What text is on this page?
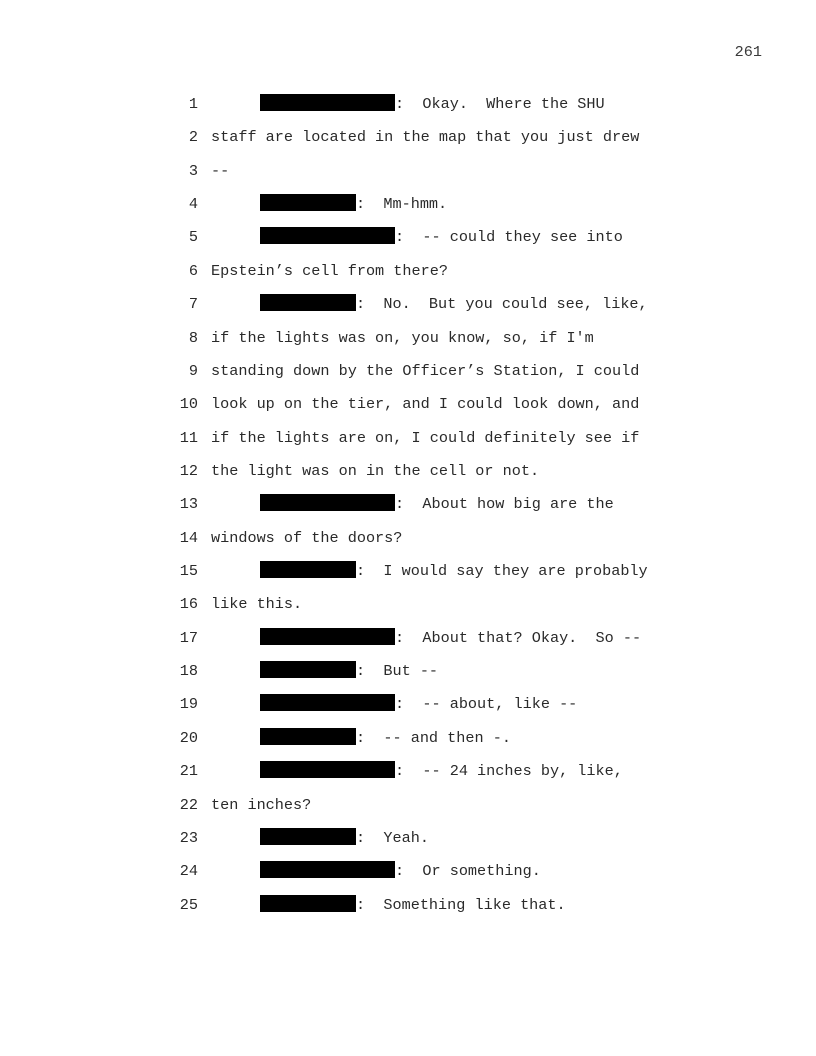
261
1	: Okay.  Where the SHU
2 staff are located in the map that you just drew
3 --
4	: Mm-hmm.
5	: -- could they see into
6 Epstein’s cell from there?
7	: No.  But you could see, like,
8 if the lights was on, you know, so, if I'm
9 standing down by the Officer’s Station, I could
10 look up on the tier, and I could look down, and
11 if the lights are on, I could definitely see if
12 the light was on in the cell or not.
13	: About how big are the
14 windows of the doors?
15	: I would say they are probably
16 like this.
17	: About that? Okay.  So --
18	: But --
19	: -- about, like --
20	: -- and then -.
21	: -- 24 inches by, like,
22 ten inches?
23	: Yeah.
24	: Or something.
25	: Something like that.
